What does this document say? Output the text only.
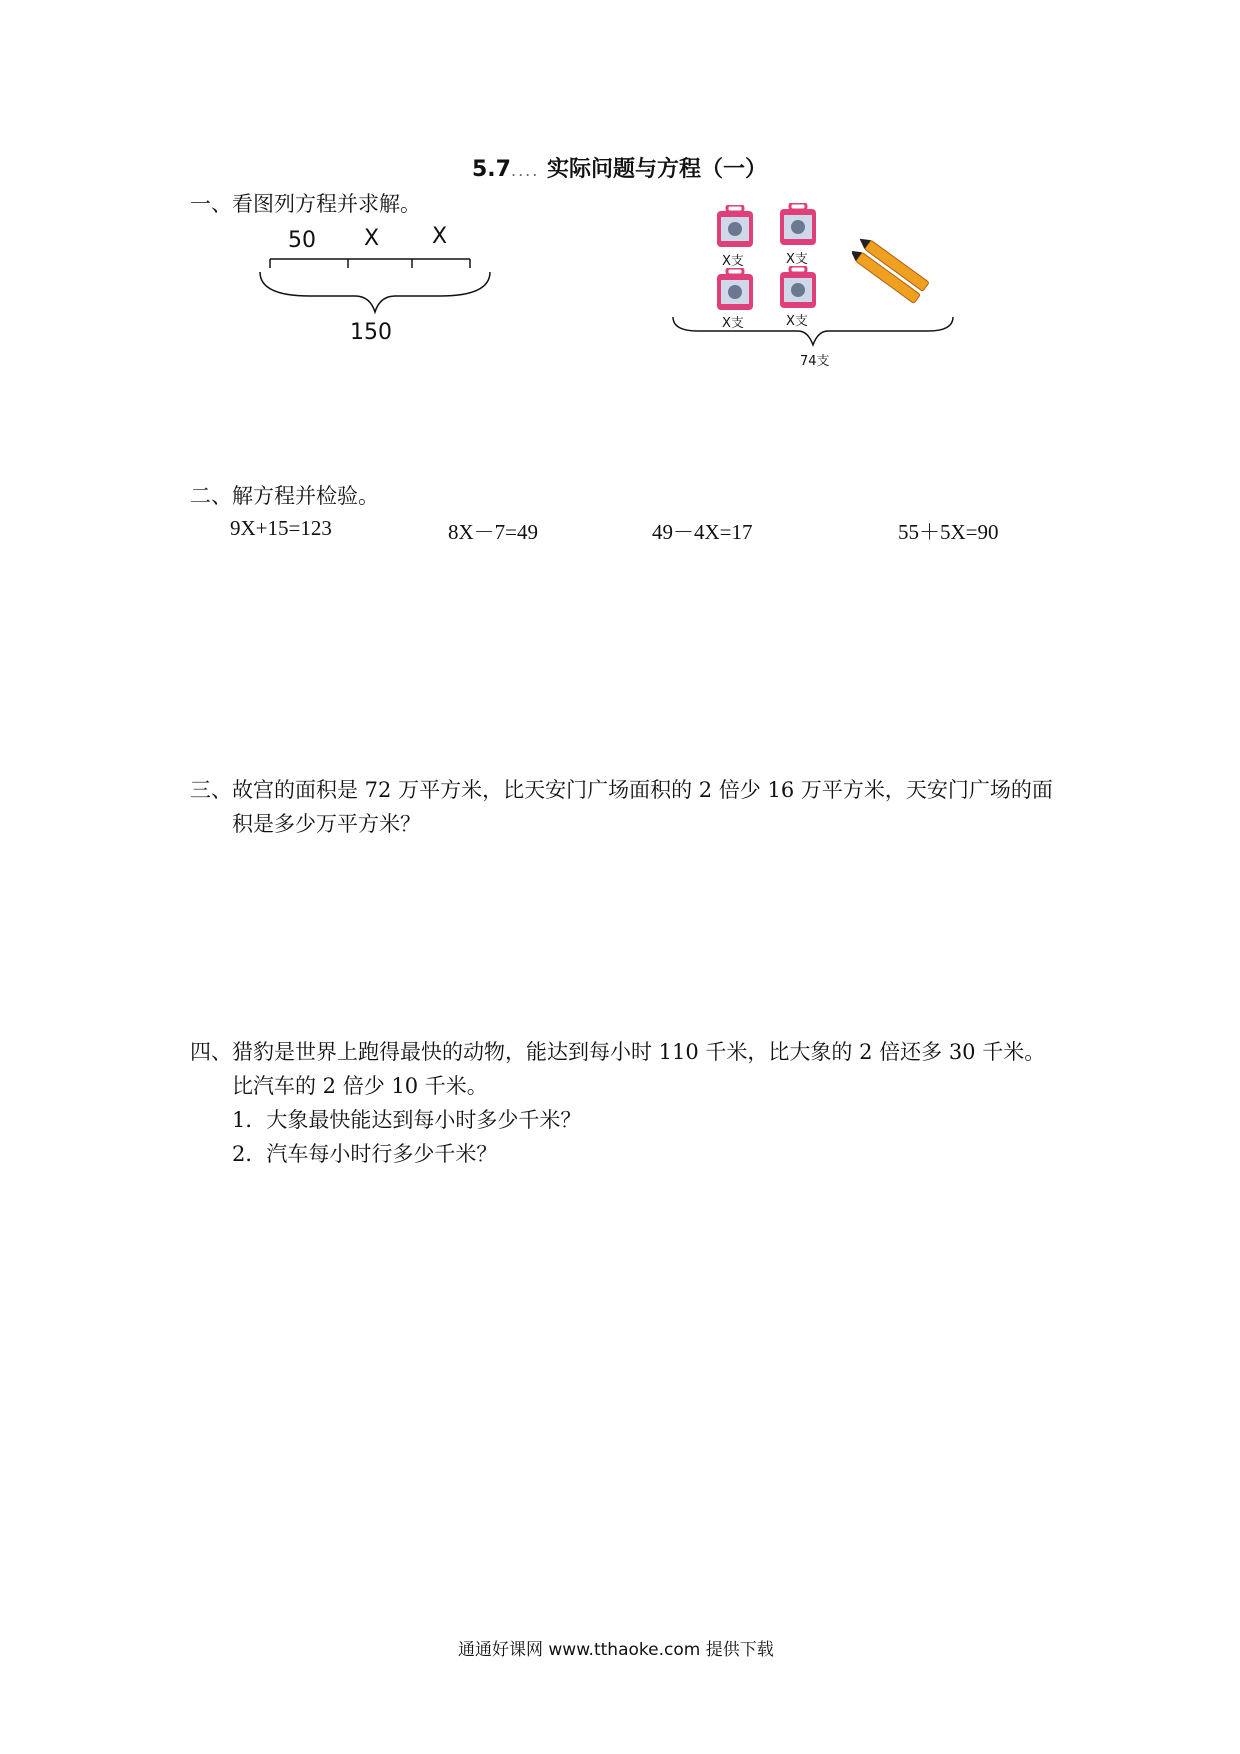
5.7.... 实际问题与方程（一）
一、看图列方程并求解。
50 X X
150
X支	X支
X支	X支
74支
二、解方程并检验。
9X+15=123	8X－7=49	49－4X=17	55＋5X=90
三、故宫的面积是 72 万平方米，比天安门广场面积的 2 倍少 16 万平方米，天安门广场的面
积是多少万平方米？
四、猎豹是世界上跑得最快的动物，能达到每小时 110 千米，比大象的 2 倍还多 30 千米。
比汽车的 2 倍少 10 千米。
1．大象最快能达到每小时多少千米？
2．汽车每小时行多少千米？
通通好课网 www.tthaoke.com 提供下载
